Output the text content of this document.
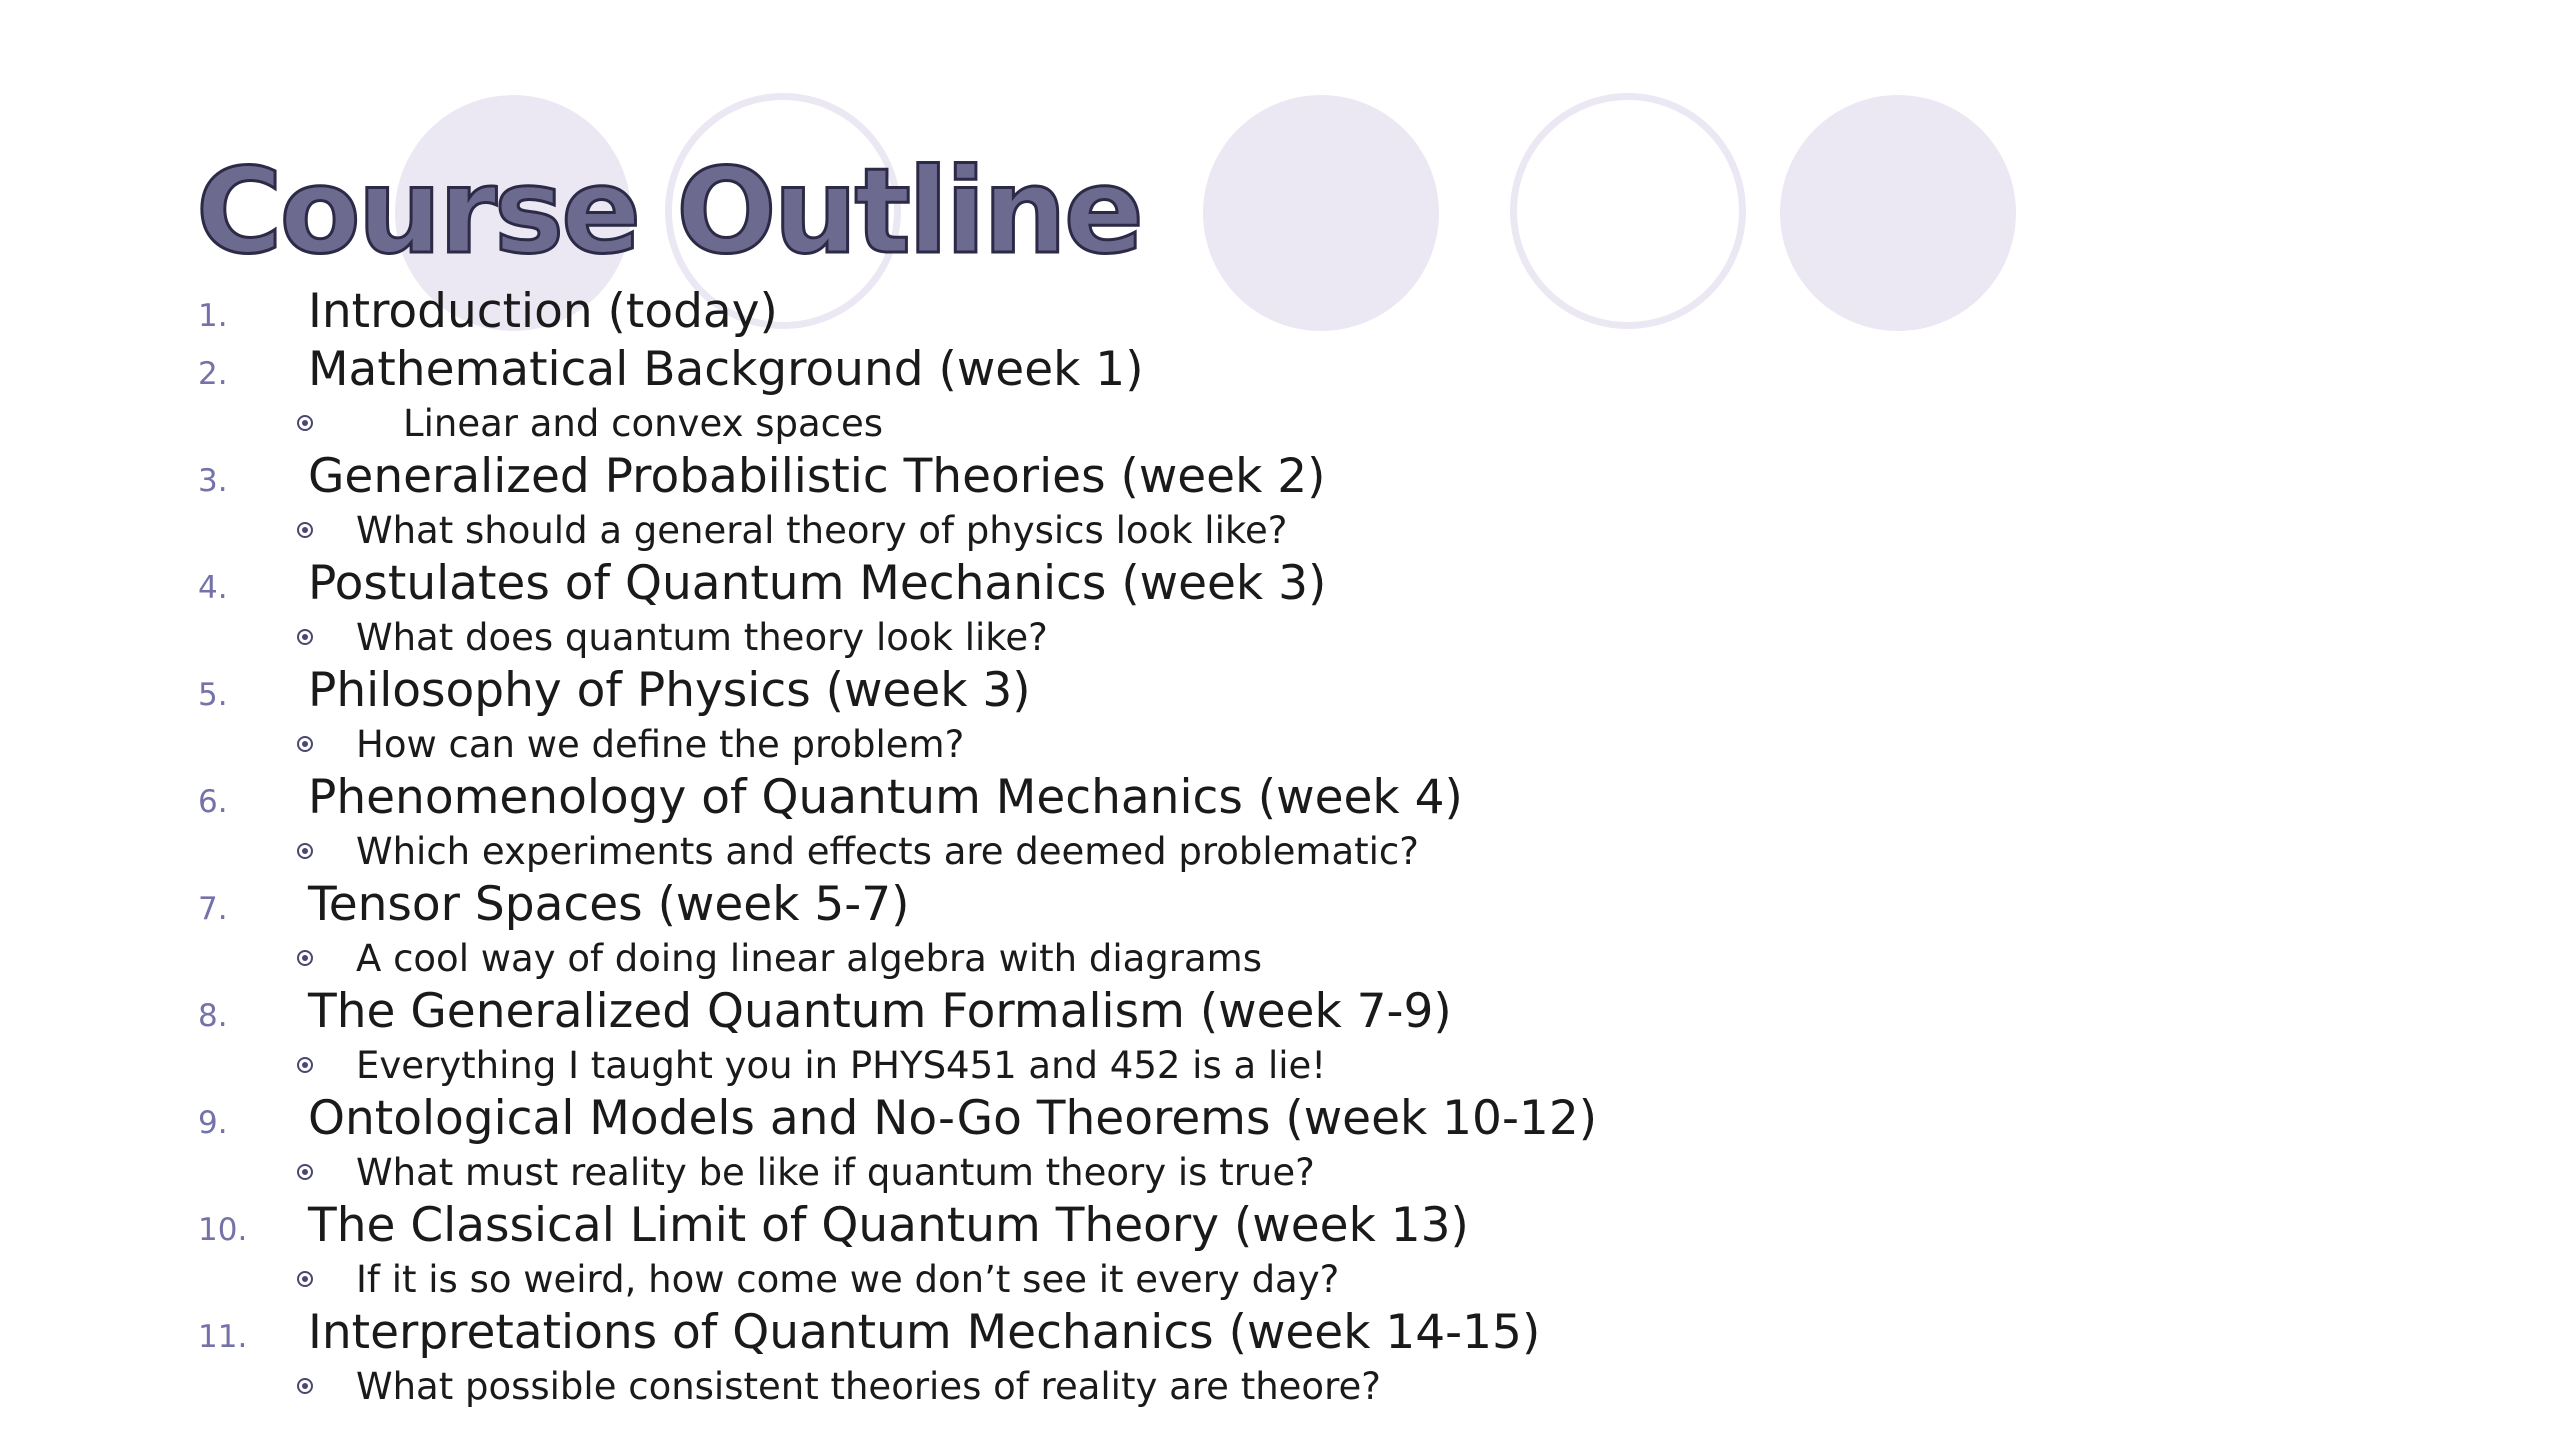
Course Outline
1. Introduction (today)
2. Mathematical Background (week 1)
Linear and convex spaces
3. Generalized Probabilistic Theories (week 2)
What should a general theory of physics look like?
4. Postulates of Quantum Mechanics (week 3)
What does quantum theory look like?
5. Philosophy of Physics (week 3)
How can we define the problem?
6. Phenomenology of Quantum Mechanics (week 4)
Which experiments and effects are deemed problematic?
7. Tensor Spaces (week 5-7)
A cool way of doing linear algebra with diagrams
8. The Generalized Quantum Formalism (week 7-9)
Everything I taught you in PHYS451 and 452 is a lie!
9. Ontological Models and No-Go Theorems (week 10-12)
What must reality be like if quantum theory is true?
10. The Classical Limit of Quantum Theory (week 13)
If it is so weird, how come we don’t see it every day?
11. Interpretations of Quantum Mechanics (week 14-15)
What possible consistent theories of reality are theore?
